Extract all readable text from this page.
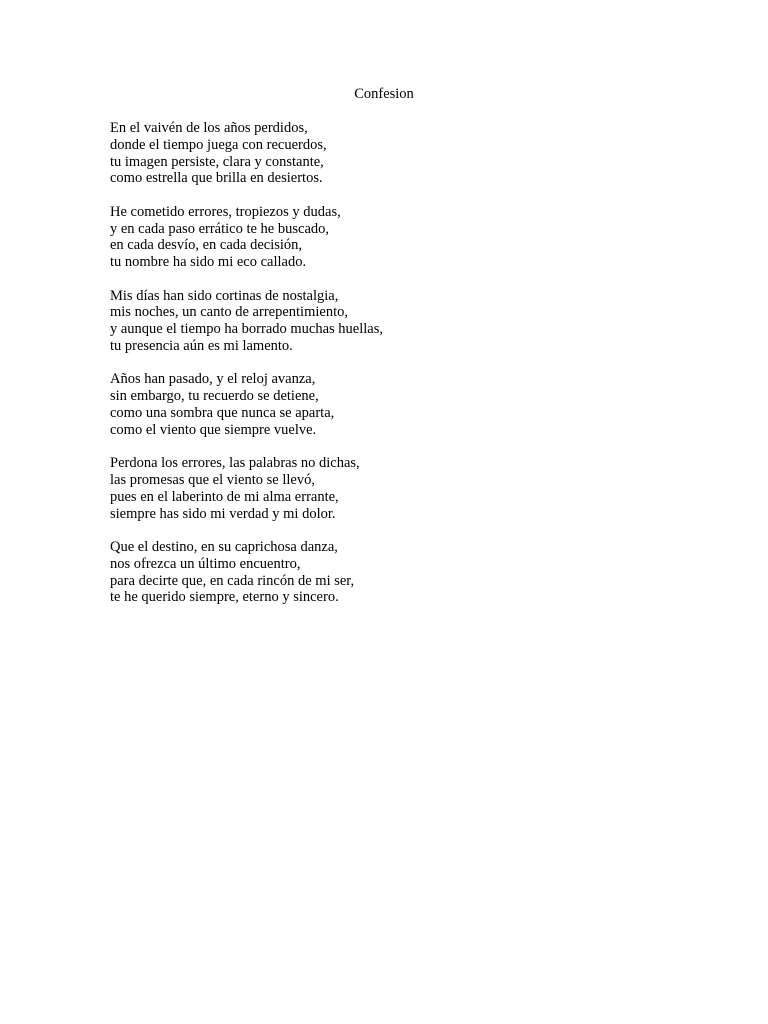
Confesion
En el vaivén de los años perdidos,
donde el tiempo juega con recuerdos,
tu imagen persiste, clara y constante,
como estrella que brilla en desiertos.
He cometido errores, tropiezos y dudas,
y en cada paso errático te he buscado,
en cada desvío, en cada decisión,
tu nombre ha sido mi eco callado.
Mis días han sido cortinas de nostalgia,
mis noches, un canto de arrepentimiento,
y aunque el tiempo ha borrado muchas huellas,
tu presencia aún es mi lamento.
Años han pasado, y el reloj avanza,
sin embargo, tu recuerdo se detiene,
como una sombra que nunca se aparta,
como el viento que siempre vuelve.
Perdona los errores, las palabras no dichas,
las promesas que el viento se llevó,
pues en el laberinto de mi alma errante,
siempre has sido mi verdad y mi dolor.
Que el destino, en su caprichosa danza,
nos ofrezca un último encuentro,
para decirte que, en cada rincón de mi ser,
te he querido siempre, eterno y sincero.
